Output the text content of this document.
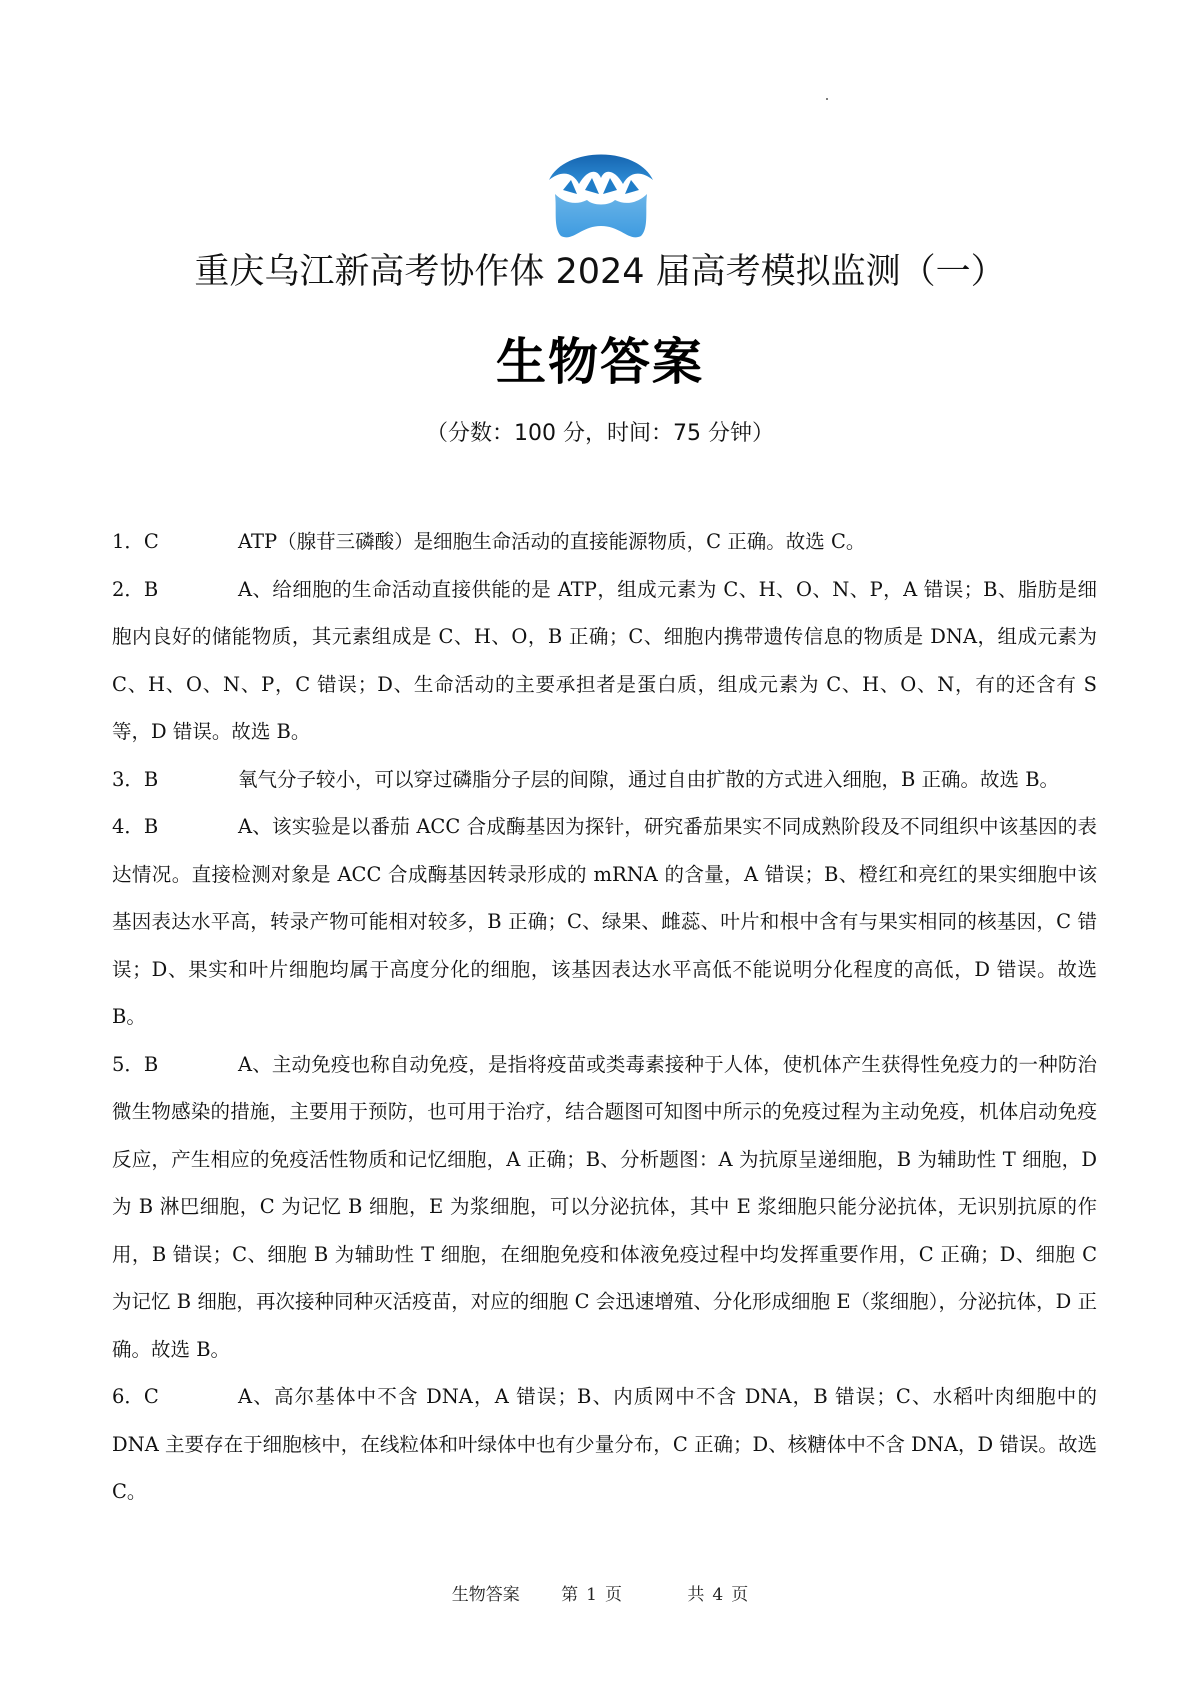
重庆乌江新高考协作体 2024 届高考模拟监测（一）
生物答案
（分数：100 分，时间：75 分钟）

1．C	ATP（腺苷三磷酸）是细胞生命活动的直接能源物质，C 正确。故选 C。

2．B	A、给细胞的生命活动直接供能的是 ATP，组成元素为 C、H、O、N、P，A 错误；B、脂肪是细胞内良好的储能物质，其元素组成是 C、H、O，B 正确；C、细胞内携带遗传信息的物质是 DNA，组成元素为 C、H、O、N、P，C 错误；D、生命活动的主要承担者是蛋白质，组成元素为 C、H、O、N，有的还含有 S 等，D 错误。故选 B。

3．B	氧气分子较小，可以穿过磷脂分子层的间隙，通过自由扩散的方式进入细胞，B 正确。故选 B。

4．B	A、该实验是以番茄 ACC 合成酶基因为探针，研究番茄果实不同成熟阶段及不同组织中该基因的表达情况。直接检测对象是 ACC 合成酶基因转录形成的 mRNA 的含量，A 错误；B、橙红和亮红的果实细胞中该基因表达水平高，转录产物可能相对较多，B 正确；C、绿果、雌蕊、叶片和根中含有与果实相同的核基因，C 错误；D、果实和叶片细胞均属于高度分化的细胞，该基因表达水平高低不能说明分化程度的高低，D 错误。故选 B。

5．B	A、主动免疫也称自动免疫，是指将疫苗或类毒素接种于人体，使机体产生获得性免疫力的一种防治微生物感染的措施，主要用于预防，也可用于治疗，结合题图可知图中所示的免疫过程为主动免疫，机体启动免疫反应，产生相应的免疫活性物质和记忆细胞，A 正确；B、分析题图：A 为抗原呈递细胞，B 为辅助性 T 细胞，D 为 B 淋巴细胞，C 为记忆 B 细胞，E 为浆细胞，可以分泌抗体，其中 E 浆细胞只能分泌抗体，无识别抗原的作用，B 错误；C、细胞 B 为辅助性 T 细胞，在细胞免疫和体液免疫过程中均发挥重要作用，C 正确；D、细胞 C 为记忆 B 细胞，再次接种同种灭活疫苗，对应的细胞 C 会迅速增殖、分化形成细胞 E（浆细胞），分泌抗体，D 正确。故选 B。

6．C	A、高尔基体中不含 DNA，A 错误；B、内质网中不含 DNA，B 错误；C、水稻叶肉细胞中的 DNA 主要存在于细胞核中，在线粒体和叶绿体中也有少量分布，C 正确；D、核糖体中不含 DNA，D 错误。故选 C。

生物答案 第 1 页	共 4 页
